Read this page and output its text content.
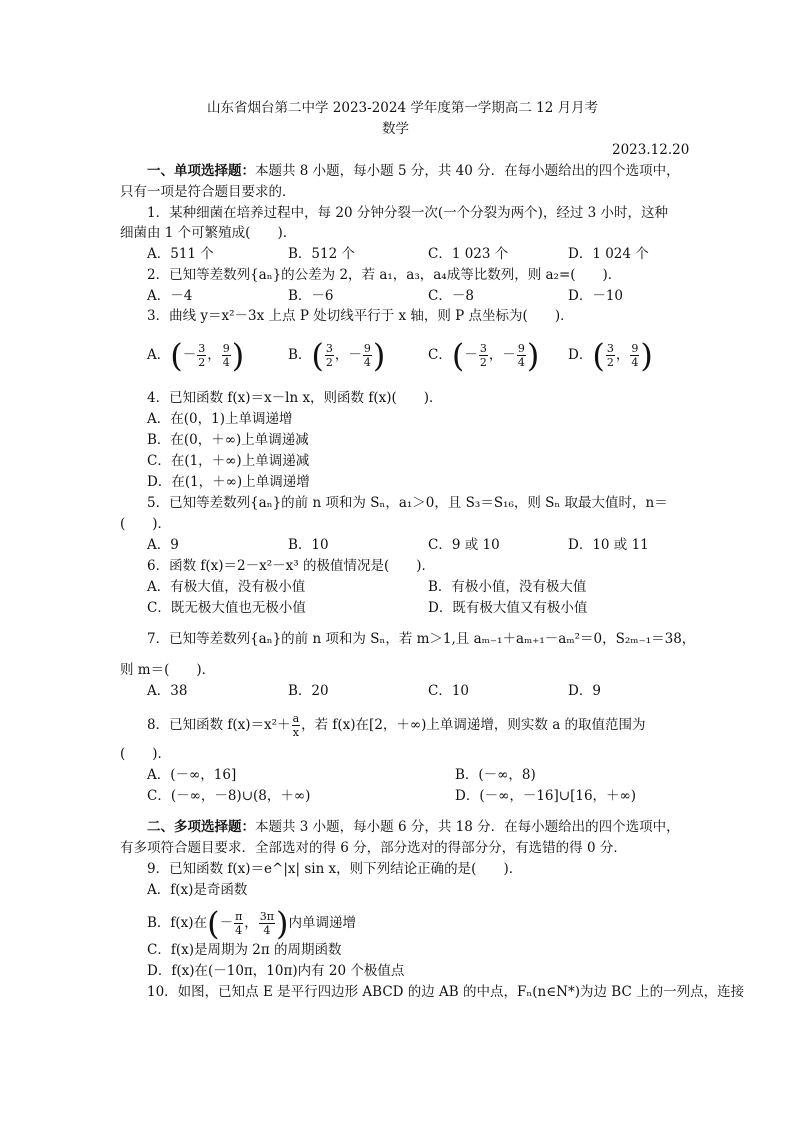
山东省烟台第二中学 2023-2024 学年度第一学期高二 12 月月考
数学
2023.12.20
一、单项选择题：本题共 8 小题，每小题 5 分，共 40 分．在每小题给出的四个选项中，
只有一项是符合题目要求的．
1．某种细菌在培养过程中，每 20 分钟分裂一次(一个分裂为两个)，经过 3 小时，这种
细菌由 1 个可繁殖成(　　)．
A．511 个	B．512 个	C．1 023 个	D．1 024 个
2．已知等差数列{aₙ}的公差为 2，若 a₁，a₃，a₄成等比数列，则 a₂=(　　)．
A．－4	B．－6	C．－8	D．－10
3．曲线 y＝x²－3x 上点 P 处切线平行于 x 轴，则 P 点坐标为(　　)．
A．(－ $\frac{3}{2}$ ， $\frac{9}{4}$ )	B．( $\frac{3}{2}$ ，－ $\frac{9}{4}$ )	C．(－ $\frac{3}{2}$ ，－ $\frac{9}{4}$ ) D．( $\frac{3}{2}$ ， $\frac{9}{4}$ )
4．已知函数 f(x)＝x－ln x，则函数 f(x)(　　)．
A．在(0，1)上单调递增
B．在(0，＋∞)上单调递减
C．在(1，＋∞)上单调递减
D．在(1，＋∞)上单调递增
5．已知等差数列{aₙ}的前 n 项和为 Sₙ，a₁＞0，且 S₃＝S₁₆，则 Sₙ 取最大值时，n＝
(　　)．
A．9	B．10	C．9 或 10	D．10 或 11
6．函数 f(x)＝2－x²－x³ 的极值情况是(　　)．
A．有极大值，没有极小值	B．有极小值，没有极大值
C．既无极大值也无极小值	D．既有极大值又有极小值
7．已知等差数列{aₙ}的前 n 项和为 Sₙ，若 m＞1,且 aₘ₋₁＋aₘ₊₁－aₘ²＝0，S₂ₘ₋₁＝38，
则 m＝(　　)．
A．38	B．20	C．10	D．9
8．已知函数 $f(x)=x^2+ \frac{a}{x}$ ，若 f(x)在[2，＋∞)上单调递增，则实数 a 的取值范围为
(　　)．
A．(－∞，16]	B．(－∞，8)
C．(－∞，－8)∪(8，＋∞)	D．(－∞，－16]∪[16，＋∞)
二、多项选择题：本题共 3 小题，每小题 6 分，共 18 分．在每小题给出的四个选项中，
有多项符合题目要求．全部选对的得 6 分，部分选对的得部分分，有选错的得 0 分．
9．已知函数 f(x)＝e^|x| sin x，则下列结论正确的是(　　)．
A．f(x)是奇函数
B．f(x)在(－ $\frac{\pi}{4}$ ， $\frac{3\pi}{4}$ )内单调递增
C．f(x)是周期为 2π 的周期函数
D．f(x)在(－10π，10π)内有 20 个极值点
10．如图，已知点 E 是平行四边形 ABCD 的边 AB 的中点，Fₙ(n∈N*)为边 BC 上的一列点，连接
